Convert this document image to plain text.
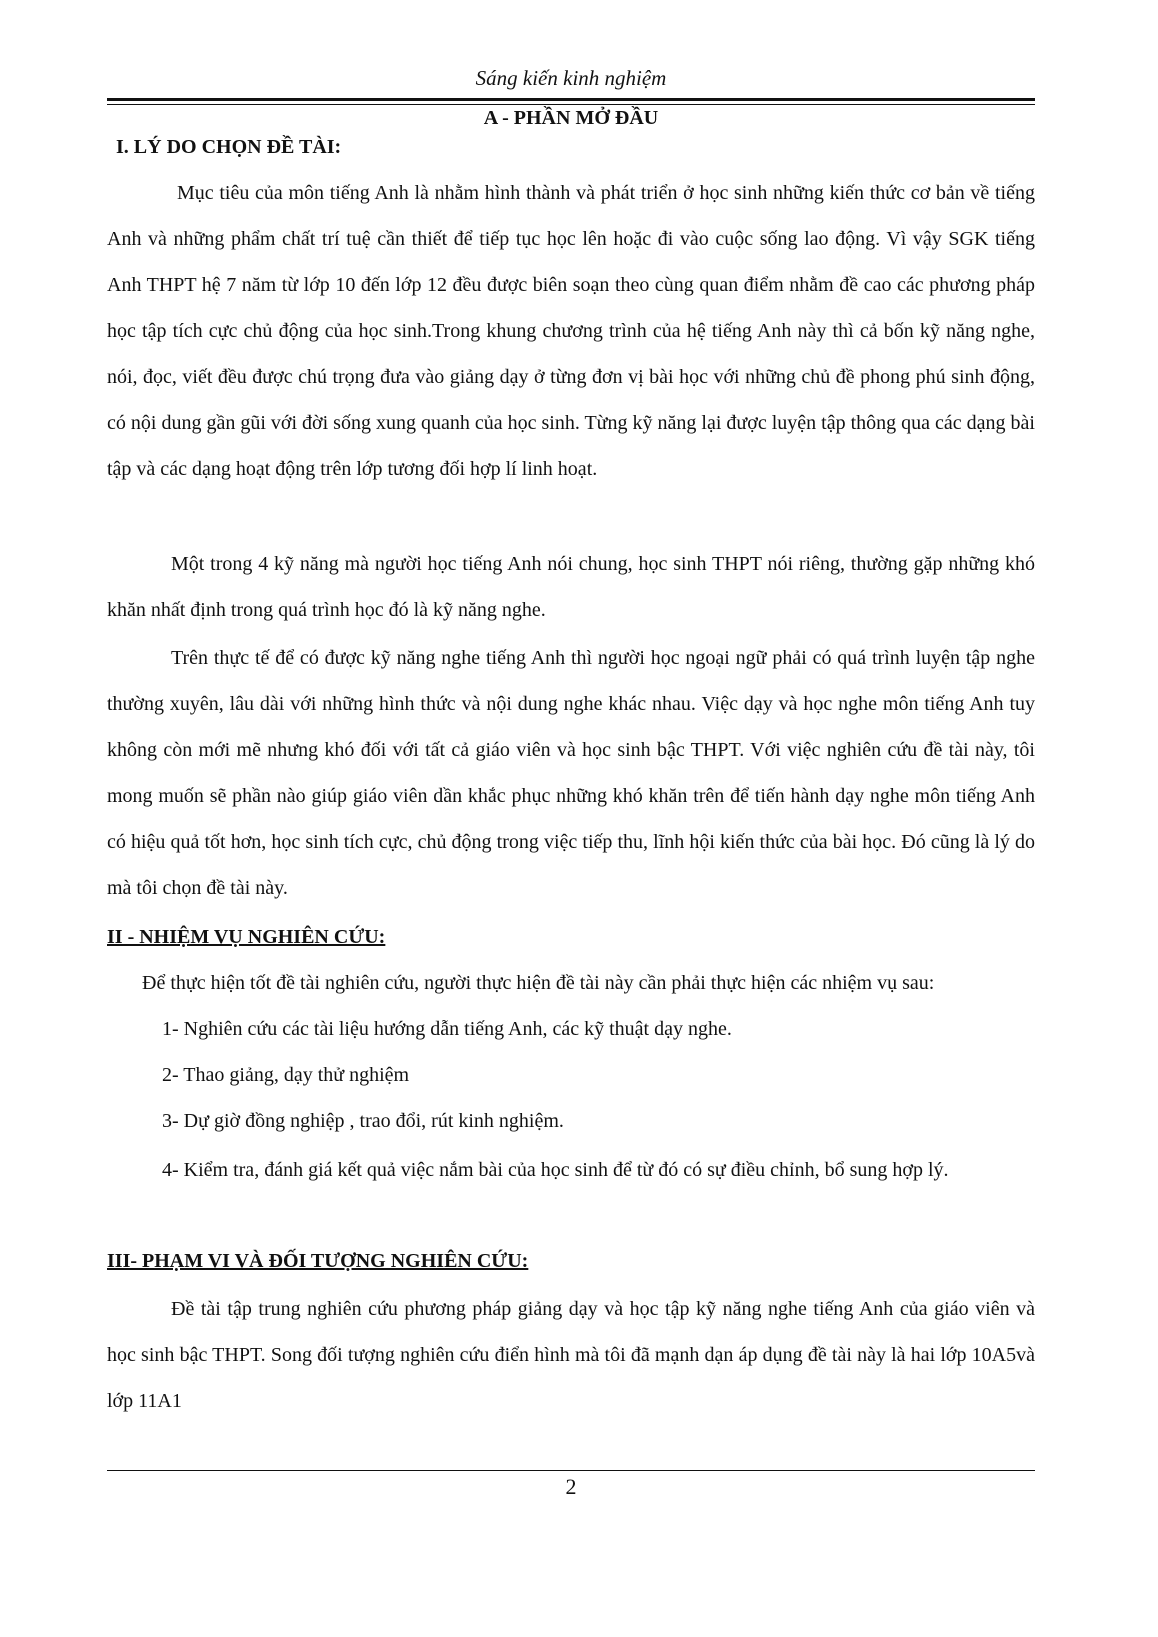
Sáng kiến kinh nghiệm
A - PHẦN MỞ ĐẦU
I. LÝ DO CHỌN ĐỀ TÀI:

Mục tiêu của môn tiếng Anh là nhằm hình thành và phát triển ở học sinh những kiến thức cơ bản về tiếng Anh và những phẩm chất trí tuệ cần thiết để tiếp tục học lên hoặc đi vào cuộc sống lao động. Vì vậy SGK tiếng Anh THPT hệ 7 năm từ lớp 10 đến lớp 12 đều được biên soạn theo cùng quan điểm nhằm đề cao các phương pháp học tập tích cực chủ động của học sinh.Trong khung chương trình của hệ tiếng Anh này thì cả bốn kỹ năng nghe, nói, đọc, viết đều được chú trọng đưa vào giảng dạy ở từng đơn vị bài học với những chủ đề phong phú sinh động, có nội dung gần gũi với đời sống xung quanh của học sinh. Từng kỹ năng lại được luyện tập thông qua các dạng bài tập và các dạng hoạt động trên lớp tương đối hợp lí linh hoạt.

Một trong 4 kỹ năng mà người học tiếng Anh nói chung, học sinh THPT nói riêng, thường gặp những khó khăn nhất định trong quá trình học đó là kỹ năng nghe.

Trên thực tế để có được kỹ năng nghe tiếng Anh thì người học ngoại ngữ phải có quá trình luyện tập nghe thường xuyên, lâu dài với những hình thức và nội dung nghe khác nhau. Việc dạy và học nghe môn tiếng Anh tuy không còn mới mẽ nhưng khó đối với tất cả giáo viên và học sinh bậc THPT. Với việc nghiên cứu đề tài này, tôi mong muốn sẽ phần nào giúp giáo viên dần khắc phục những khó khăn trên để tiến hành dạy nghe môn tiếng Anh có hiệu quả tốt hơn, học sinh tích cực, chủ động trong việc tiếp thu, lĩnh hội kiến thức của bài học. Đó cũng là lý do mà tôi chọn đề tài này.

II - NHIỆM VỤ NGHIÊN CỨU:
Để thực hiện tốt đề tài nghiên cứu, người thực hiện đề tài này cần phải thực hiện các nhiệm vụ sau:
1- Nghiên cứu các tài liệu hướng dẫn tiếng Anh, các kỹ thuật dạy nghe.
2- Thao giảng, dạy thử nghiệm
3- Dự giờ đồng nghiệp , trao đổi, rút kinh nghiệm.

4- Kiểm tra, đánh giá kết quả việc nắm bài của học sinh để từ đó có sự điều chỉnh, bổ sung hợp lý.

III- PHẠM VI VÀ ĐỐI TƯỢNG NGHIÊN CỨU:

Đề tài tập trung nghiên cứu phương pháp giảng dạy và học tập kỹ năng nghe tiếng Anh của giáo viên và học sinh bậc THPT. Song đối tượng nghiên cứu điển hình mà tôi đã mạnh dạn áp dụng đề tài này là hai lớp 10A5và lớp 11A1

2
